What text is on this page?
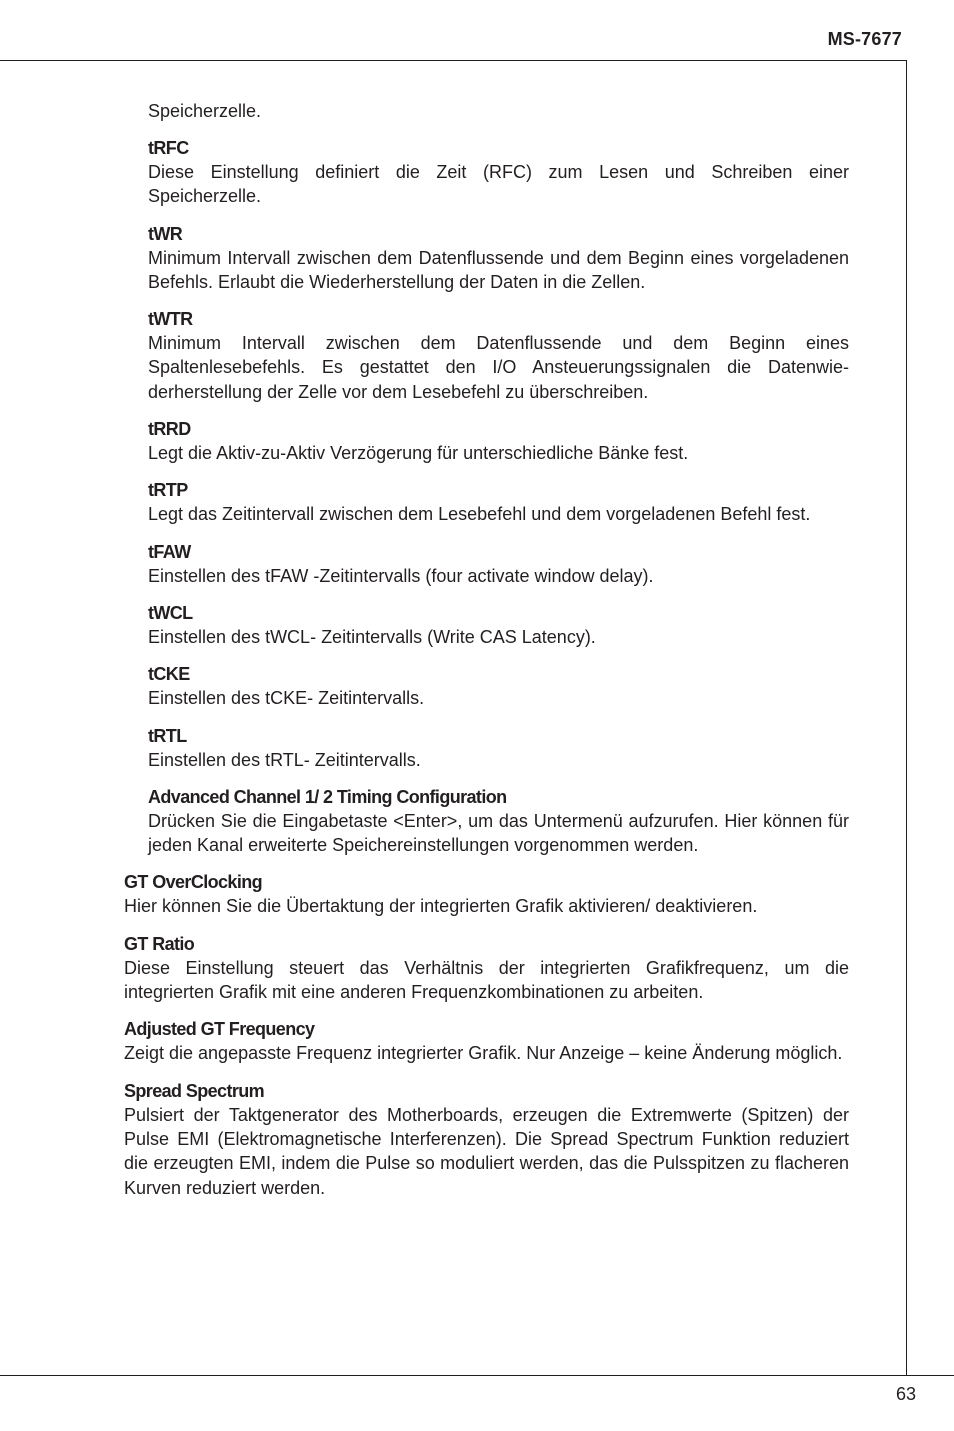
MS-7677
Speicherzelle.
tRFC
Diese Einstellung definiert die Zeit (RFC) zum Lesen und Schreiben einer Speicherzelle.
tWR
Minimum Intervall zwischen dem Datenflussende und dem Beginn eines vorgeladenen Befehls. Erlaubt die Wiederherstellung der Daten in die Zellen.
tWTR
Minimum Intervall zwischen dem Datenflussende und dem Beginn eines Spaltenlesebefehls. Es gestattet den I/O Ansteuerungssignalen die Datenwiederherstellung der Zelle vor dem Lesebefehl zu überschreiben.
tRRD
Legt die Aktiv-zu-Aktiv Verzögerung für unterschiedliche Bänke fest.
tRTP
Legt das Zeitintervall zwischen dem Lesebefehl und dem vorgeladenen Befehl fest.
tFAW
Einstellen des tFAW -Zeitintervalls (four activate window delay).
tWCL
Einstellen des tWCL- Zeitintervalls (Write CAS Latency).
tCKE
Einstellen des tCKE- Zeitintervalls.
tRTL
Einstellen des tRTL- Zeitintervalls.
Advanced Channel 1/ 2 Timing Configuration
Drücken Sie die Eingabetaste <Enter>, um das Untermenü aufzurufen. Hier können für jeden Kanal erweiterte Speichereinstellungen vorgenommen werden.
GT OverClocking
Hier können Sie die Übertaktung der integrierten Grafik aktivieren/ deaktivieren.
GT Ratio
Diese Einstellung steuert das Verhältnis der integrierten Grafikfrequenz, um die integrierten Grafik mit eine anderen Frequenzkombinationen zu arbeiten.
Adjusted GT Frequency
Zeigt die angepasste Frequenz integrierter Grafik. Nur Anzeige – keine Änderung möglich.
Spread Spectrum
Pulsiert der Taktgenerator des Motherboards, erzeugen die Extremwerte (Spitzen) der Pulse EMI (Elektromagnetische Interferenzen). Die Spread Spectrum Funktion reduziert die erzeugten EMI, indem die Pulse so moduliert werden, das die Pulsspitzen zu flacheren Kurven reduziert werden.
63
